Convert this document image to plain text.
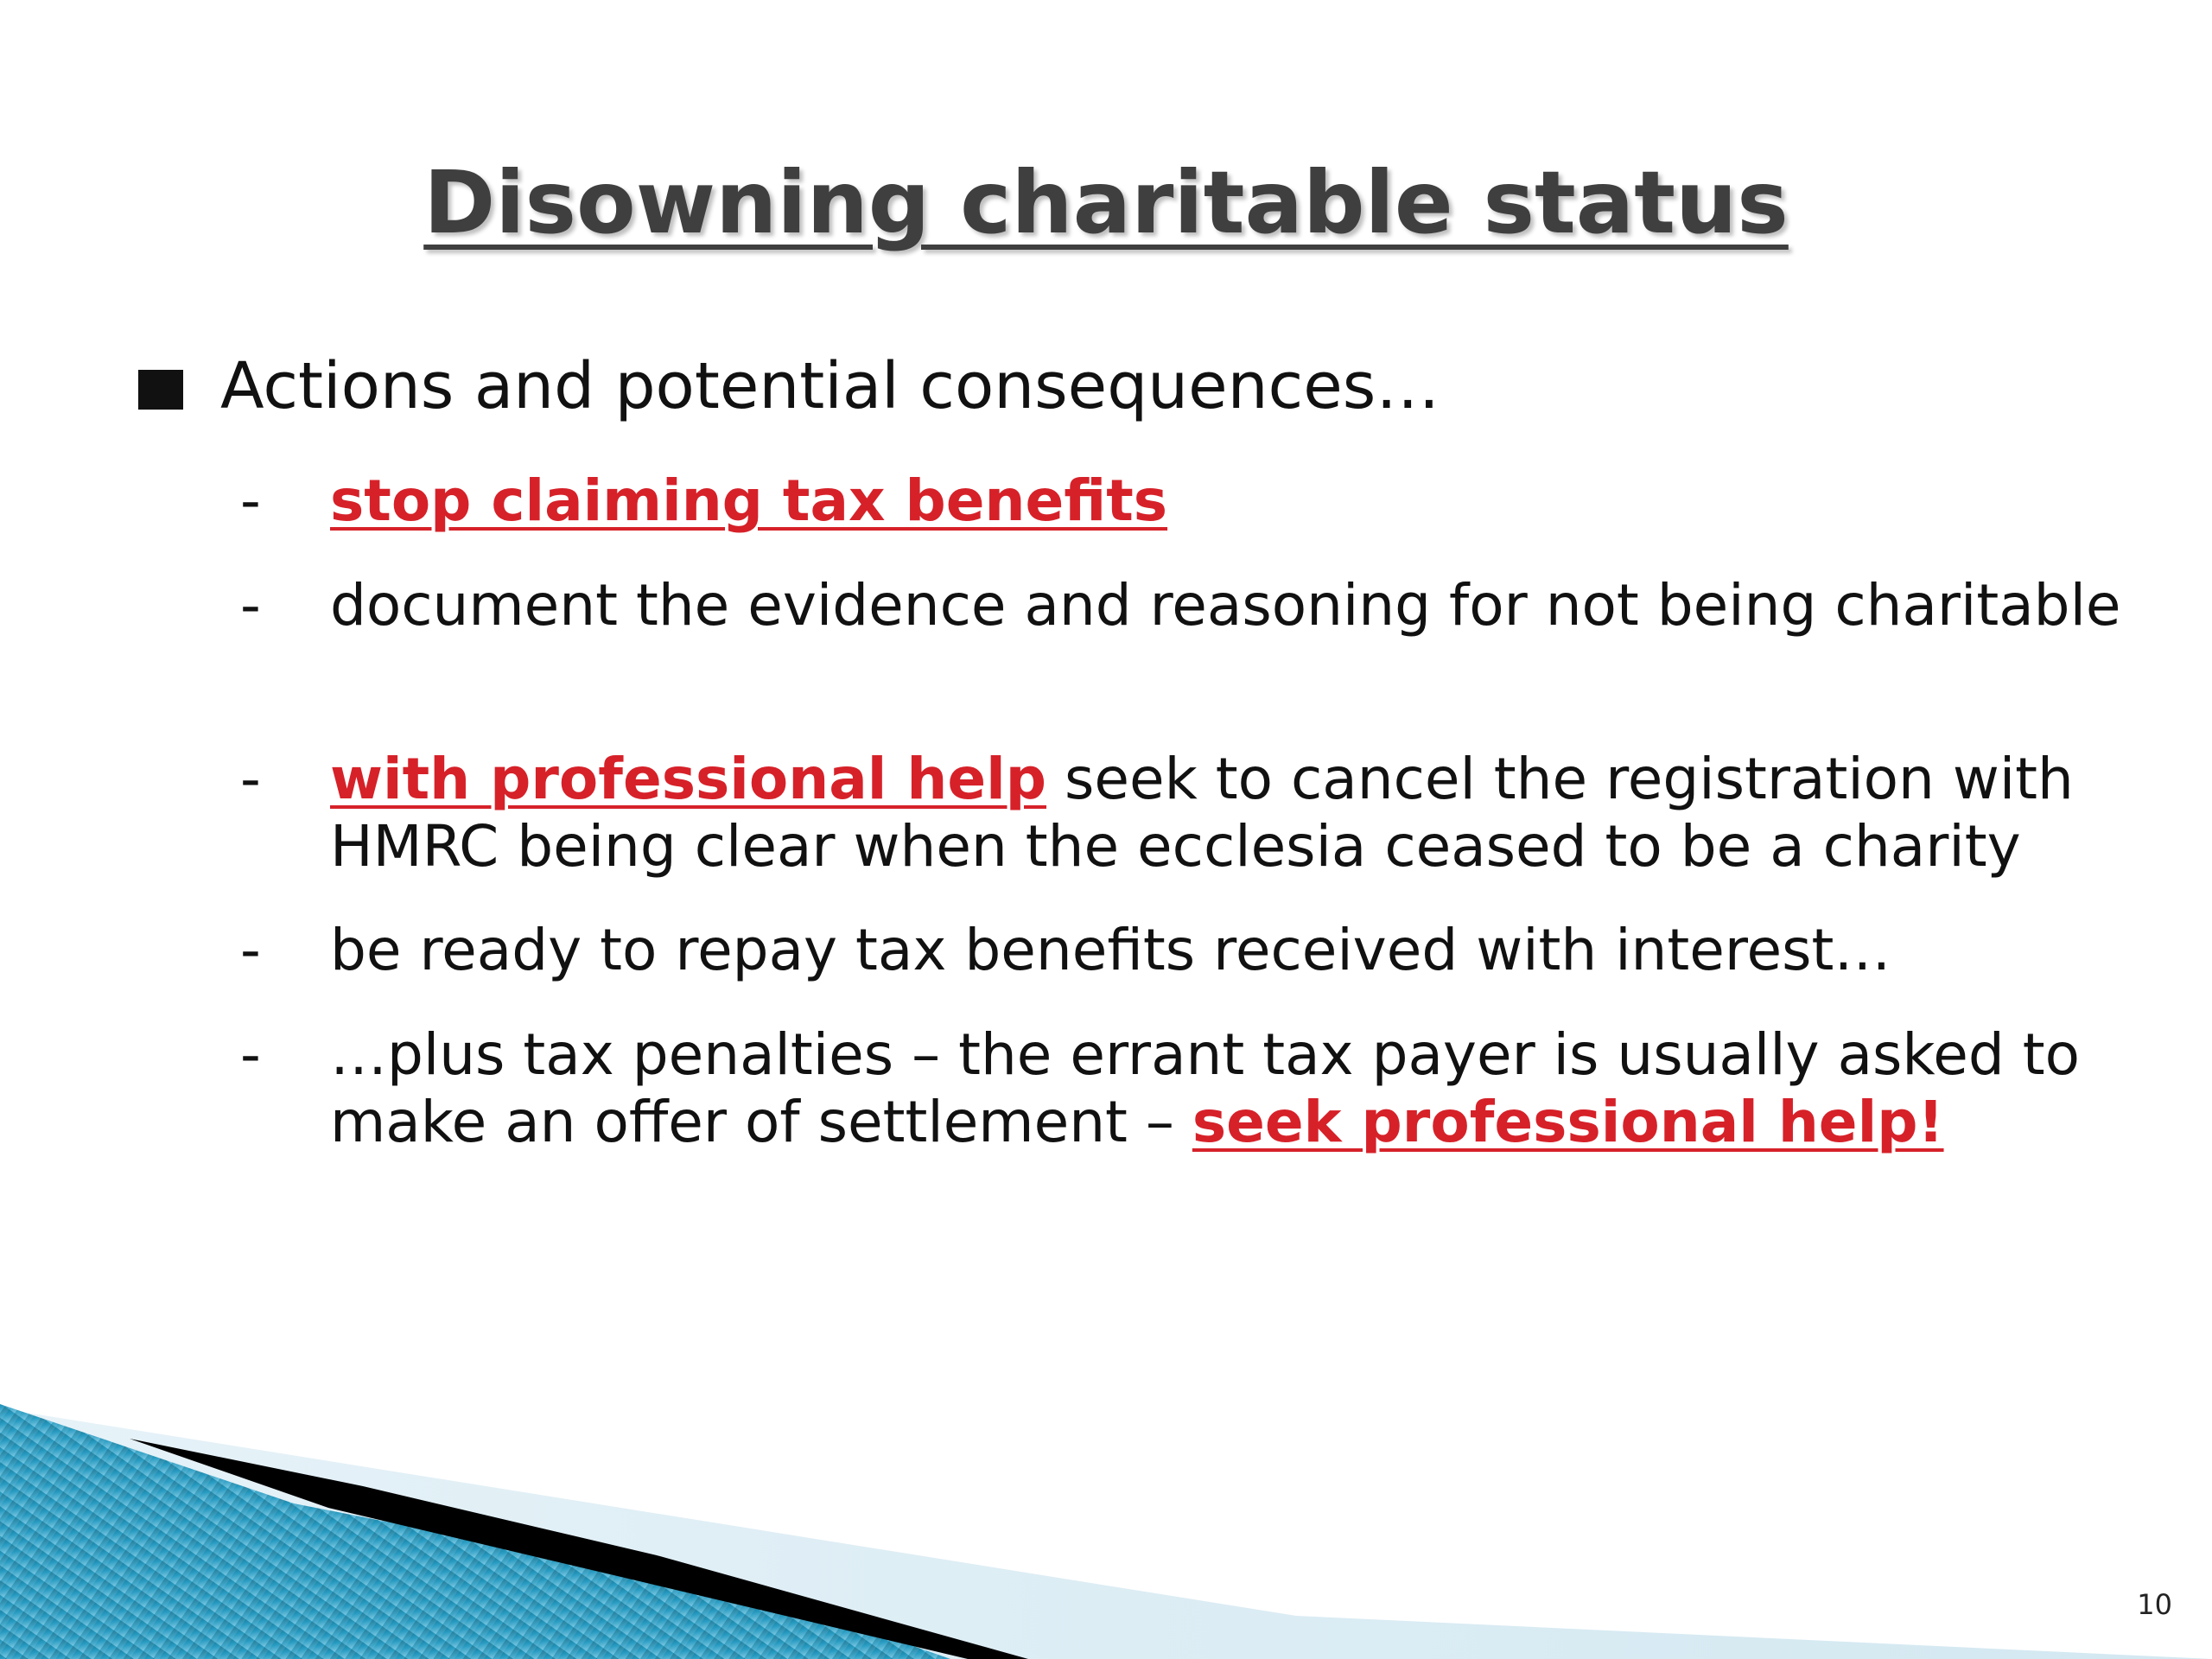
Disowning charitable status
Actions and potential consequences…
- stop claiming tax benefits
- document the evidence and reasoning for not being charitable
- with professional help seek to cancel the registration with HMRC being clear when the ecclesia ceased to be a charity
- be ready to repay tax benefits received with interest…
- …plus tax penalties – the errant tax payer is usually asked to make an offer of settlement – seek professional help!
10
